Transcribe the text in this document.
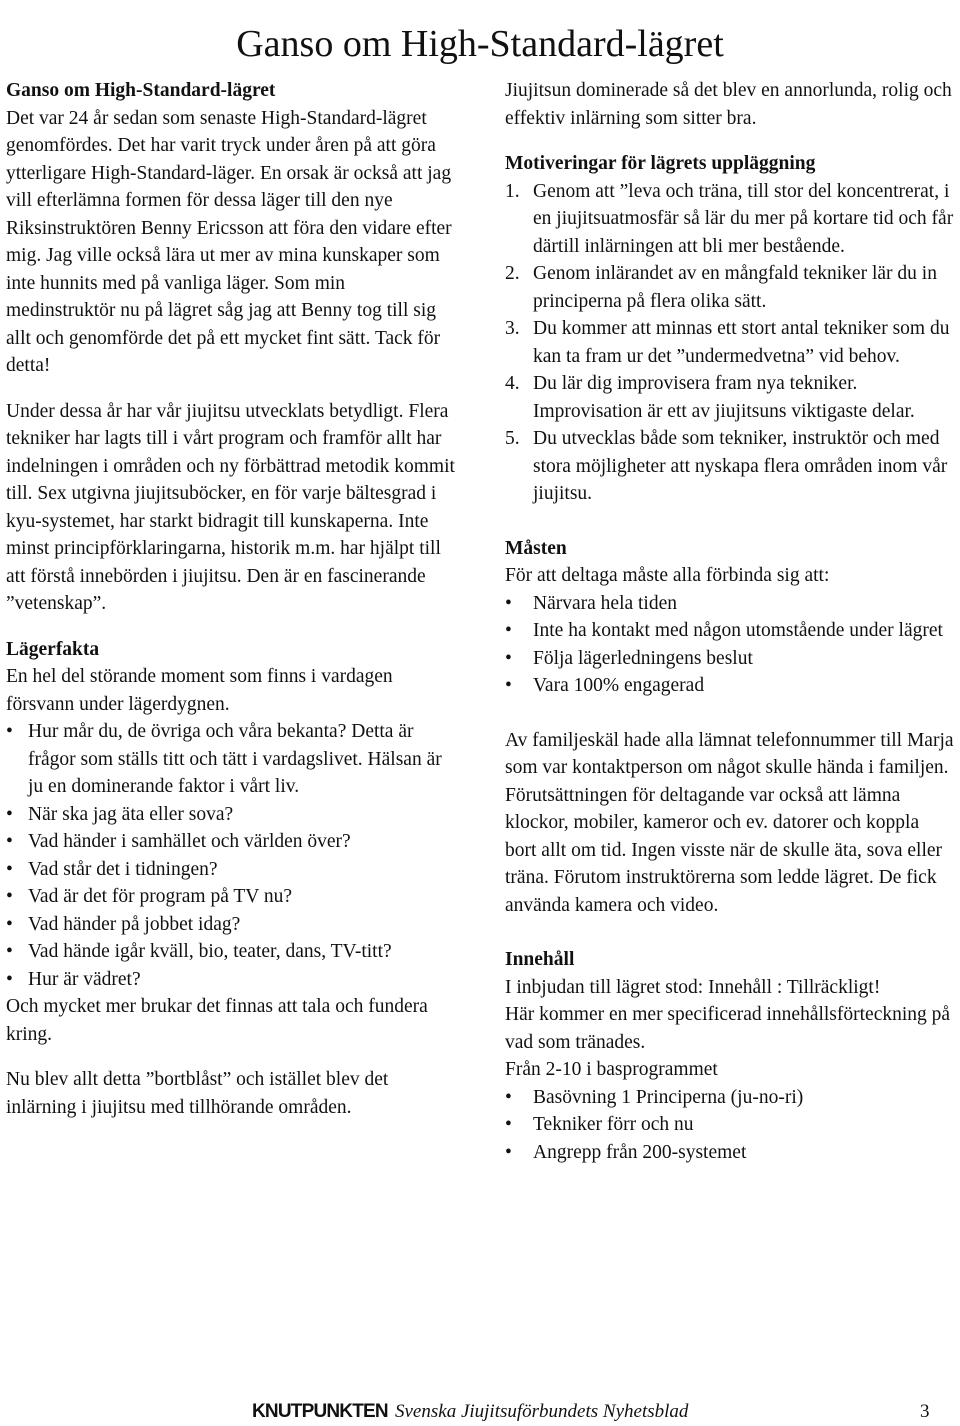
Ganso om High-Standard-lägret

Ganso om High-Standard-lägret

Det var 24 år sedan som senaste High-Standard-lägret genomfördes. Det har varit tryck under åren på att göra ytterligare High-Standard-läger. En orsak är också att jag vill efterlämna formen för dessa läger till den nye Riksinstruktören Benny Ericsson att föra den vidare efter mig. Jag ville också lära ut mer av mina kunskaper som inte hunnits med på vanliga läger. Som min medinstruktör nu på lägret såg jag att Benny tog till sig allt och genomförde det på ett mycket fint sätt. Tack för detta!

Under dessa år har vår jiujitsu utvecklats betydligt. Flera tekniker har lagts till i vårt program och framför allt har indelningen i områden och ny förbättrad metodik kommit till. Sex utgivna jiujitsuböcker, en för varje bältesgrad i kyu-systemet, har starkt bidragit till kunskaperna. Inte minst principförklaringarna, historik m.m. har hjälpt till att förstå innebörden i jiujitsu. Den är en fascinerande ”vetenskap”.

Lägerfakta

En hel del störande moment som finns i vardagen försvann under lägerdygnen.

• Hur mår du, de övriga och våra bekanta? Detta är frågor som ställs titt och tätt i vardagslivet. Hälsan är ju en dominerande faktor i vårt liv.
• När ska jag äta eller sova?
• Vad händer i samhället och världen över?
• Vad står det i tidningen?
• Vad är det för program på TV nu?
• Vad händer på jobbet idag?
• Vad hände igår kväll, bio, teater, dans, TV-titt?
• Hur är vädret?

Och mycket mer brukar det finnas att tala och fundera kring.

Nu blev allt detta ”bortblåst” och istället blev det inlärning i jiujitsu med tillhörande områden.

Jiujitsun dominerade så det blev en annorlunda, rolig och effektiv inlärning som sitter bra.

Motiveringar för lägrets uppläggning

1. Genom att ”leva och träna, till stor del koncentrerat, i en jiujitsuatmosfär så lär du mer på kortare tid och får därtill inlärningen att bli mer bestående.
2. Genom inlärandet av en mångfald tekniker lär du in principerna på flera olika sätt.
3. Du kommer att minnas ett stort antal tekniker som du kan ta fram ur det ”undermedvetna” vid behov.
4. Du lär dig improvisera fram nya tekniker. Improvisation är ett av jiujitsuns viktigaste delar.
5. Du utvecklas både som tekniker, instruktör och med stora möjligheter att nyskapa flera områden inom vår jiujitsu.

Måsten

För att deltaga måste alla förbinda sig att:

• Närvara hela tiden
• Inte ha kontakt med någon utomstående under lägret
• Följa lägerledningens beslut
• Vara 100% engagerad

Av familjeskäl hade alla lämnat telefonnummer till Marja som var kontaktperson om något skulle hända i familjen.

Förutsättningen för deltagande var också att lämna klockor, mobiler, kameror och ev. datorer och koppla bort allt om tid. Ingen visste när de skulle äta, sova eller träna. Förutom instruktörerna som ledde lägret. De fick använda kamera och video.

Innehåll

I inbjudan till lägret stod: Innehåll : Tillräckligt!

Här kommer en mer specificerad innehållsförteckning på vad som tränades.

Från 2-10 i basprogrammet

• Basövning 1 Principerna (ju-no-ri)
• Tekniker förr och nu
• Angrepp från 200-systemet
KNUTPUNKTEN Svenska Jiujitsuförbundets Nyhetsblad	3
